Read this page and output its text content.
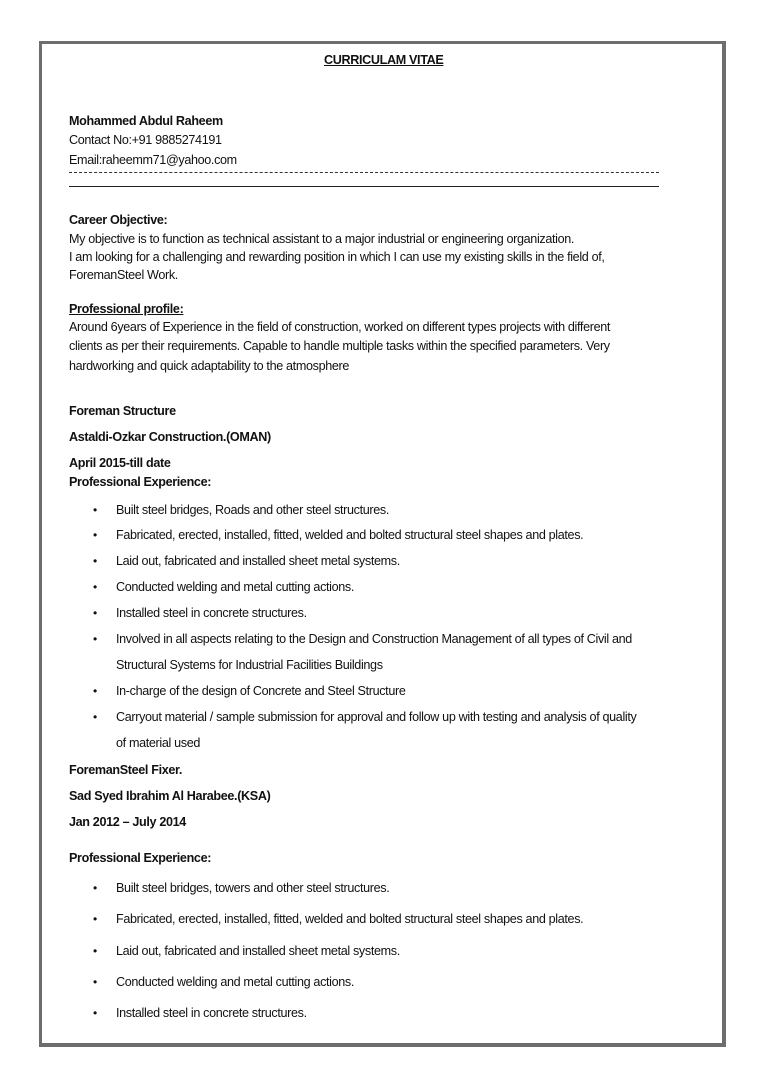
CURRICULAM VITAE
Mohammed Abdul Raheem
Contact No:+91 9885274191
Email:raheemm71@yahoo.com
Career Objective:
My objective is to function as technical assistant to a major industrial or engineering organization.
I am looking for a challenging and rewarding position in which I can use my existing skills in the field of,
ForemanSteel Work.
Professional profile:
Around 6years of Experience in the field of construction, worked on different types projects with different
clients as per their requirements. Capable to handle multiple tasks within the specified parameters. Very
hardworking and quick adaptability to the atmosphere
Foreman Structure
Astaldi-Ozkar Construction.(OMAN)
April 2015-till date
Professional Experience:
• Built steel bridges, Roads and other steel structures.
• Fabricated, erected, installed, fitted, welded and bolted structural steel shapes and plates.
• Laid out, fabricated and installed sheet metal systems.
• Conducted welding and metal cutting actions.
• Installed steel in concrete structures.
• Involved in all aspects relating to the Design and Construction Management of all types of Civil and
Structural Systems for Industrial Facilities Buildings
• In-charge of the design of Concrete and Steel Structure
• Carryout material / sample submission for approval and follow up with testing and analysis of quality
of material used
ForemanSteel Fixer.
Sad Syed Ibrahim Al Harabee.(KSA)
Jan 2012 – July 2014
Professional Experience:
• Built steel bridges, towers and other steel structures.
• Fabricated, erected, installed, fitted, welded and bolted structural steel shapes and plates.
• Laid out, fabricated and installed sheet metal systems.
• Conducted welding and metal cutting actions.
• Installed steel in concrete structures.
